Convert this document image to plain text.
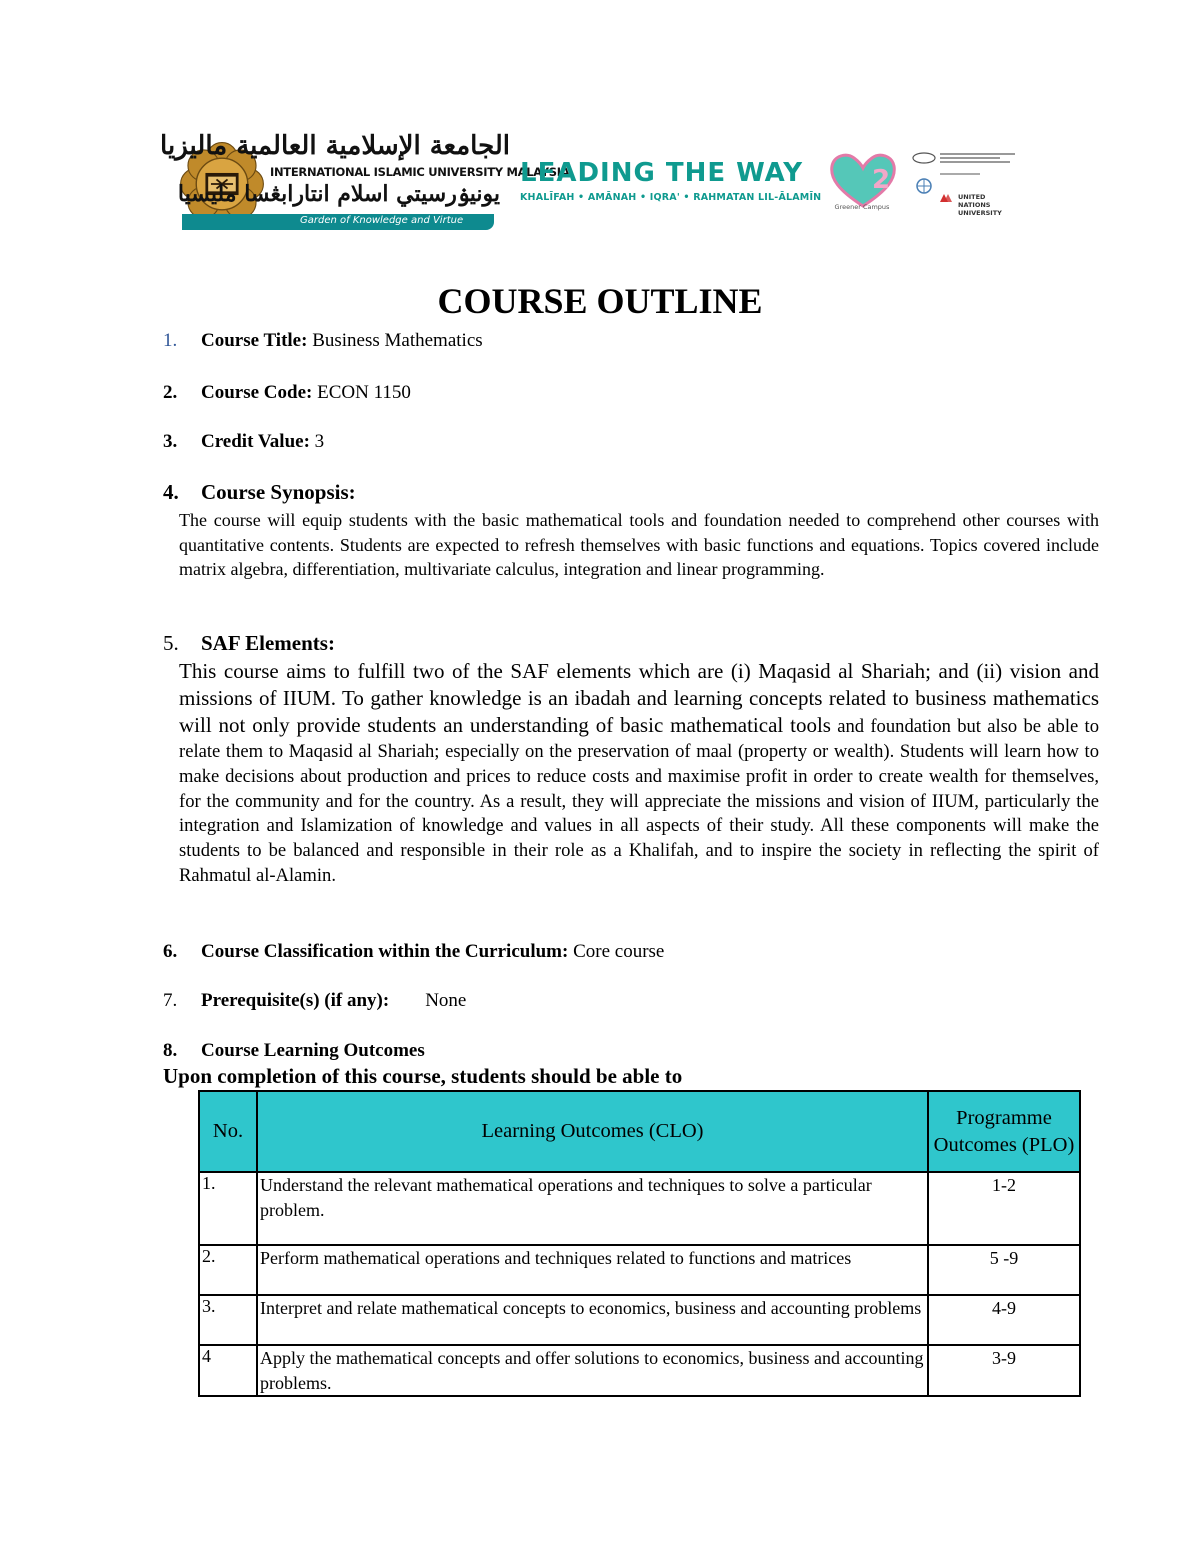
الجامعة الإسلامية العالمية ماليزيا
INTERNATIONAL ISLAMIC UNIVERSITY MALAYSIA
يونيۏرسيتي اسلام انتارابڠسا مليسيا
Garden of Knowledge and Virtue
LEADING THE WAY
KHALĪFAH • AMĀNAH • IQRA' • RAHMATAN LIL-ĀLAMĪN
2
Greener Campus
UNITED NATIONS UNIVERSITY
COURSE OUTLINE
1. Course Title: Business Mathematics
2. Course Code: ECON 1150
3. Credit Value: 3
4. Course Synopsis:
The course will equip students with the basic mathematical tools and foundation needed to comprehend other courses with quantitative contents. Students are expected to refresh themselves with basic functions and equations. Topics covered include matrix algebra, differentiation, multivariate calculus, integration and linear programming.
5. SAF Elements:
This course aims to fulfill two of the SAF elements which are (i) Maqasid al Shariah; and (ii) vision and missions of IIUM. To gather knowledge is an ibadah and learning concepts related to business mathematics will not only provide students an understanding of basic mathematical tools and foundation but also be able to relate them to Maqasid al Shariah; especially on the preservation of maal (property or wealth). Students will learn how to make decisions about production and prices to reduce costs and maximise profit in order to create wealth for themselves, for the community and for the country. As a result, they will appreciate the missions and vision of IIUM, particularly the integration and Islamization of knowledge and values in all aspects of their study. All these components will make the students to be balanced and responsible in their role as a Khalifah, and to inspire the society in reflecting the spirit of Rahmatul al-Alamin.
6. Course Classification within the Curriculum: Core course
7. Prerequisite(s) (if any): None
8. Course Learning Outcomes
Upon completion of this course, students should be able to
No.	Learning Outcomes (CLO)	Programme Outcomes (PLO)
1.	Understand the relevant mathematical operations and techniques to solve a particular problem.	1-2
2.	Perform mathematical operations and techniques related to functions and matrices	5 -9
3.	Interpret and relate mathematical concepts to economics, business and accounting problems	4-9
4	Apply the mathematical concepts and offer solutions to economics, business and accounting problems.	3-9
